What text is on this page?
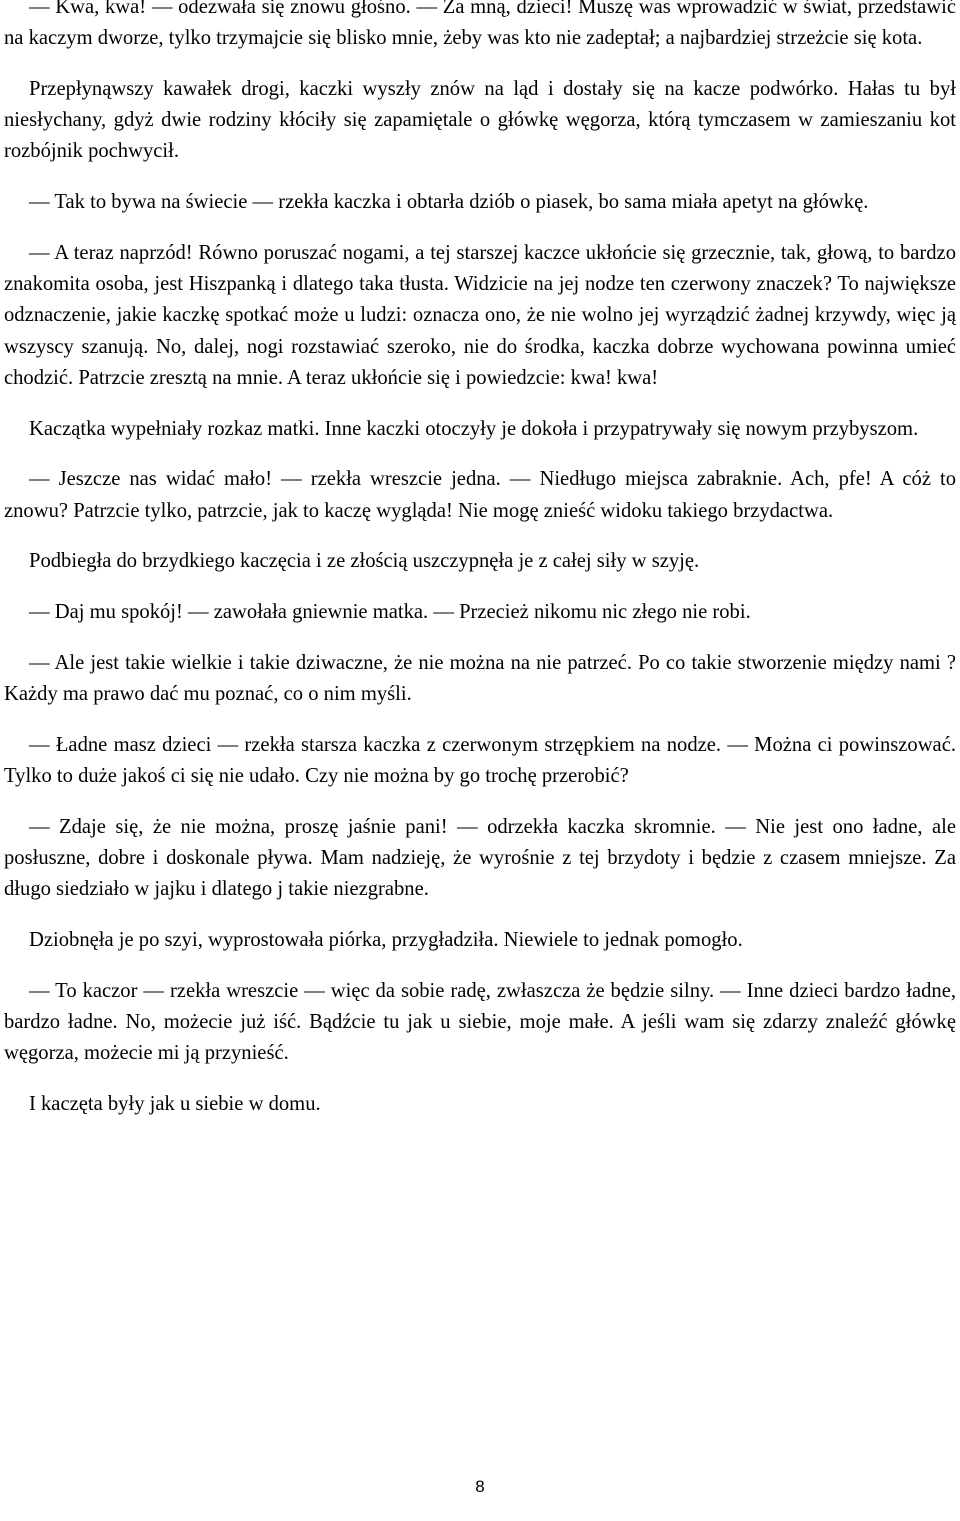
— Kwa, kwa! — odezwała się znowu głośno. — Za mną, dzieci! Muszę was wprowadzić w świat, przedstawić na kaczym dworze, tylko trzymajcie się blisko mnie, żeby was kto nie zadeptał; a najbardziej strzeżcie się kota.

Przepłynąwszy kawałek drogi, kaczki wyszły znów na ląd i dostały się na kacze podwórko. Hałas tu był niesłychany, gdyż dwie rodziny kłóciły się zapamiętale o główkę węgorza, którą tymczasem w zamieszaniu kot rozbójnik pochwycił.

— Tak to bywa na świecie — rzekła kaczka i obtarła dziób o piasek, bo sama miała apetyt na główkę.

— A teraz naprzód! Równo poruszać nogami, a tej starszej kaczce ukłońcie się grzecznie, tak, głową, to bardzo znakomita osoba, jest Hiszpanką i dlatego taka tłusta. Widzicie na jej nodze ten czerwony znaczek? To największe odznaczenie, jakie kaczkę spotkać może u ludzi: oznacza ono, że nie wolno jej wyrządzić żadnej krzywdy, więc ją wszyscy szanują. No, dalej, nogi rozstawiać szeroko, nie do środka, kaczka dobrze wychowana powinna umieć chodzić. Patrzcie zresztą na mnie. A teraz ukłońcie się i powiedzcie: kwa! kwa!

Kaczątka wypełniały rozkaz matki. Inne kaczki otoczyły je dokoła i przypatrywały się nowym przybyszom.

— Jeszcze nas widać mało! — rzekła wreszcie jedna. — Niedługo miejsca zabraknie. Ach, pfe! A cóż to znowu? Patrzcie tylko, patrzcie, jak to kaczę wygląda! Nie mogę znieść widoku takiego brzydactwa.

Podbiegła do brzydkiego kaczęcia i ze złością uszczypnęła je z całej siły w szyję.

— Daj mu spokój! — zawołała gniewnie matka. — Przecież nikomu nic złego nie robi.

— Ale jest takie wielkie i takie dziwaczne, że nie można na nie patrzeć. Po co takie stworzenie między nami ? Każdy ma prawo dać mu poznać, co o nim myśli.

— Ładne masz dzieci — rzekła starsza kaczka z czerwonym strzępkiem na nodze. — Można ci powinszować. Tylko to duże jakoś ci się nie udało. Czy nie można by go trochę przerobić?

— Zdaje się, że nie można, proszę jaśnie pani! — odrzekła kaczka skromnie. — Nie jest ono ładne, ale posłuszne, dobre i doskonale pływa. Mam nadzieję, że wyrośnie z tej brzydoty i będzie z czasem mniejsze. Za długo siedziało w jajku i dlatego j takie niezgrabne.

Dziobnęła je po szyi, wyprostowała piórka, przygładziła. Niewiele to jednak pomogło.

— To kaczor — rzekła wreszcie — więc da sobie radę, zwłaszcza że będzie silny. — Inne dzieci bardzo ładne, bardzo ładne. No, możecie już iść. Bądźcie tu jak u siebie, moje małe. A jeśli wam się zdarzy znaleźć główkę węgorza, możecie mi ją przynieść.

I kaczęta były jak u siebie w domu.

8
